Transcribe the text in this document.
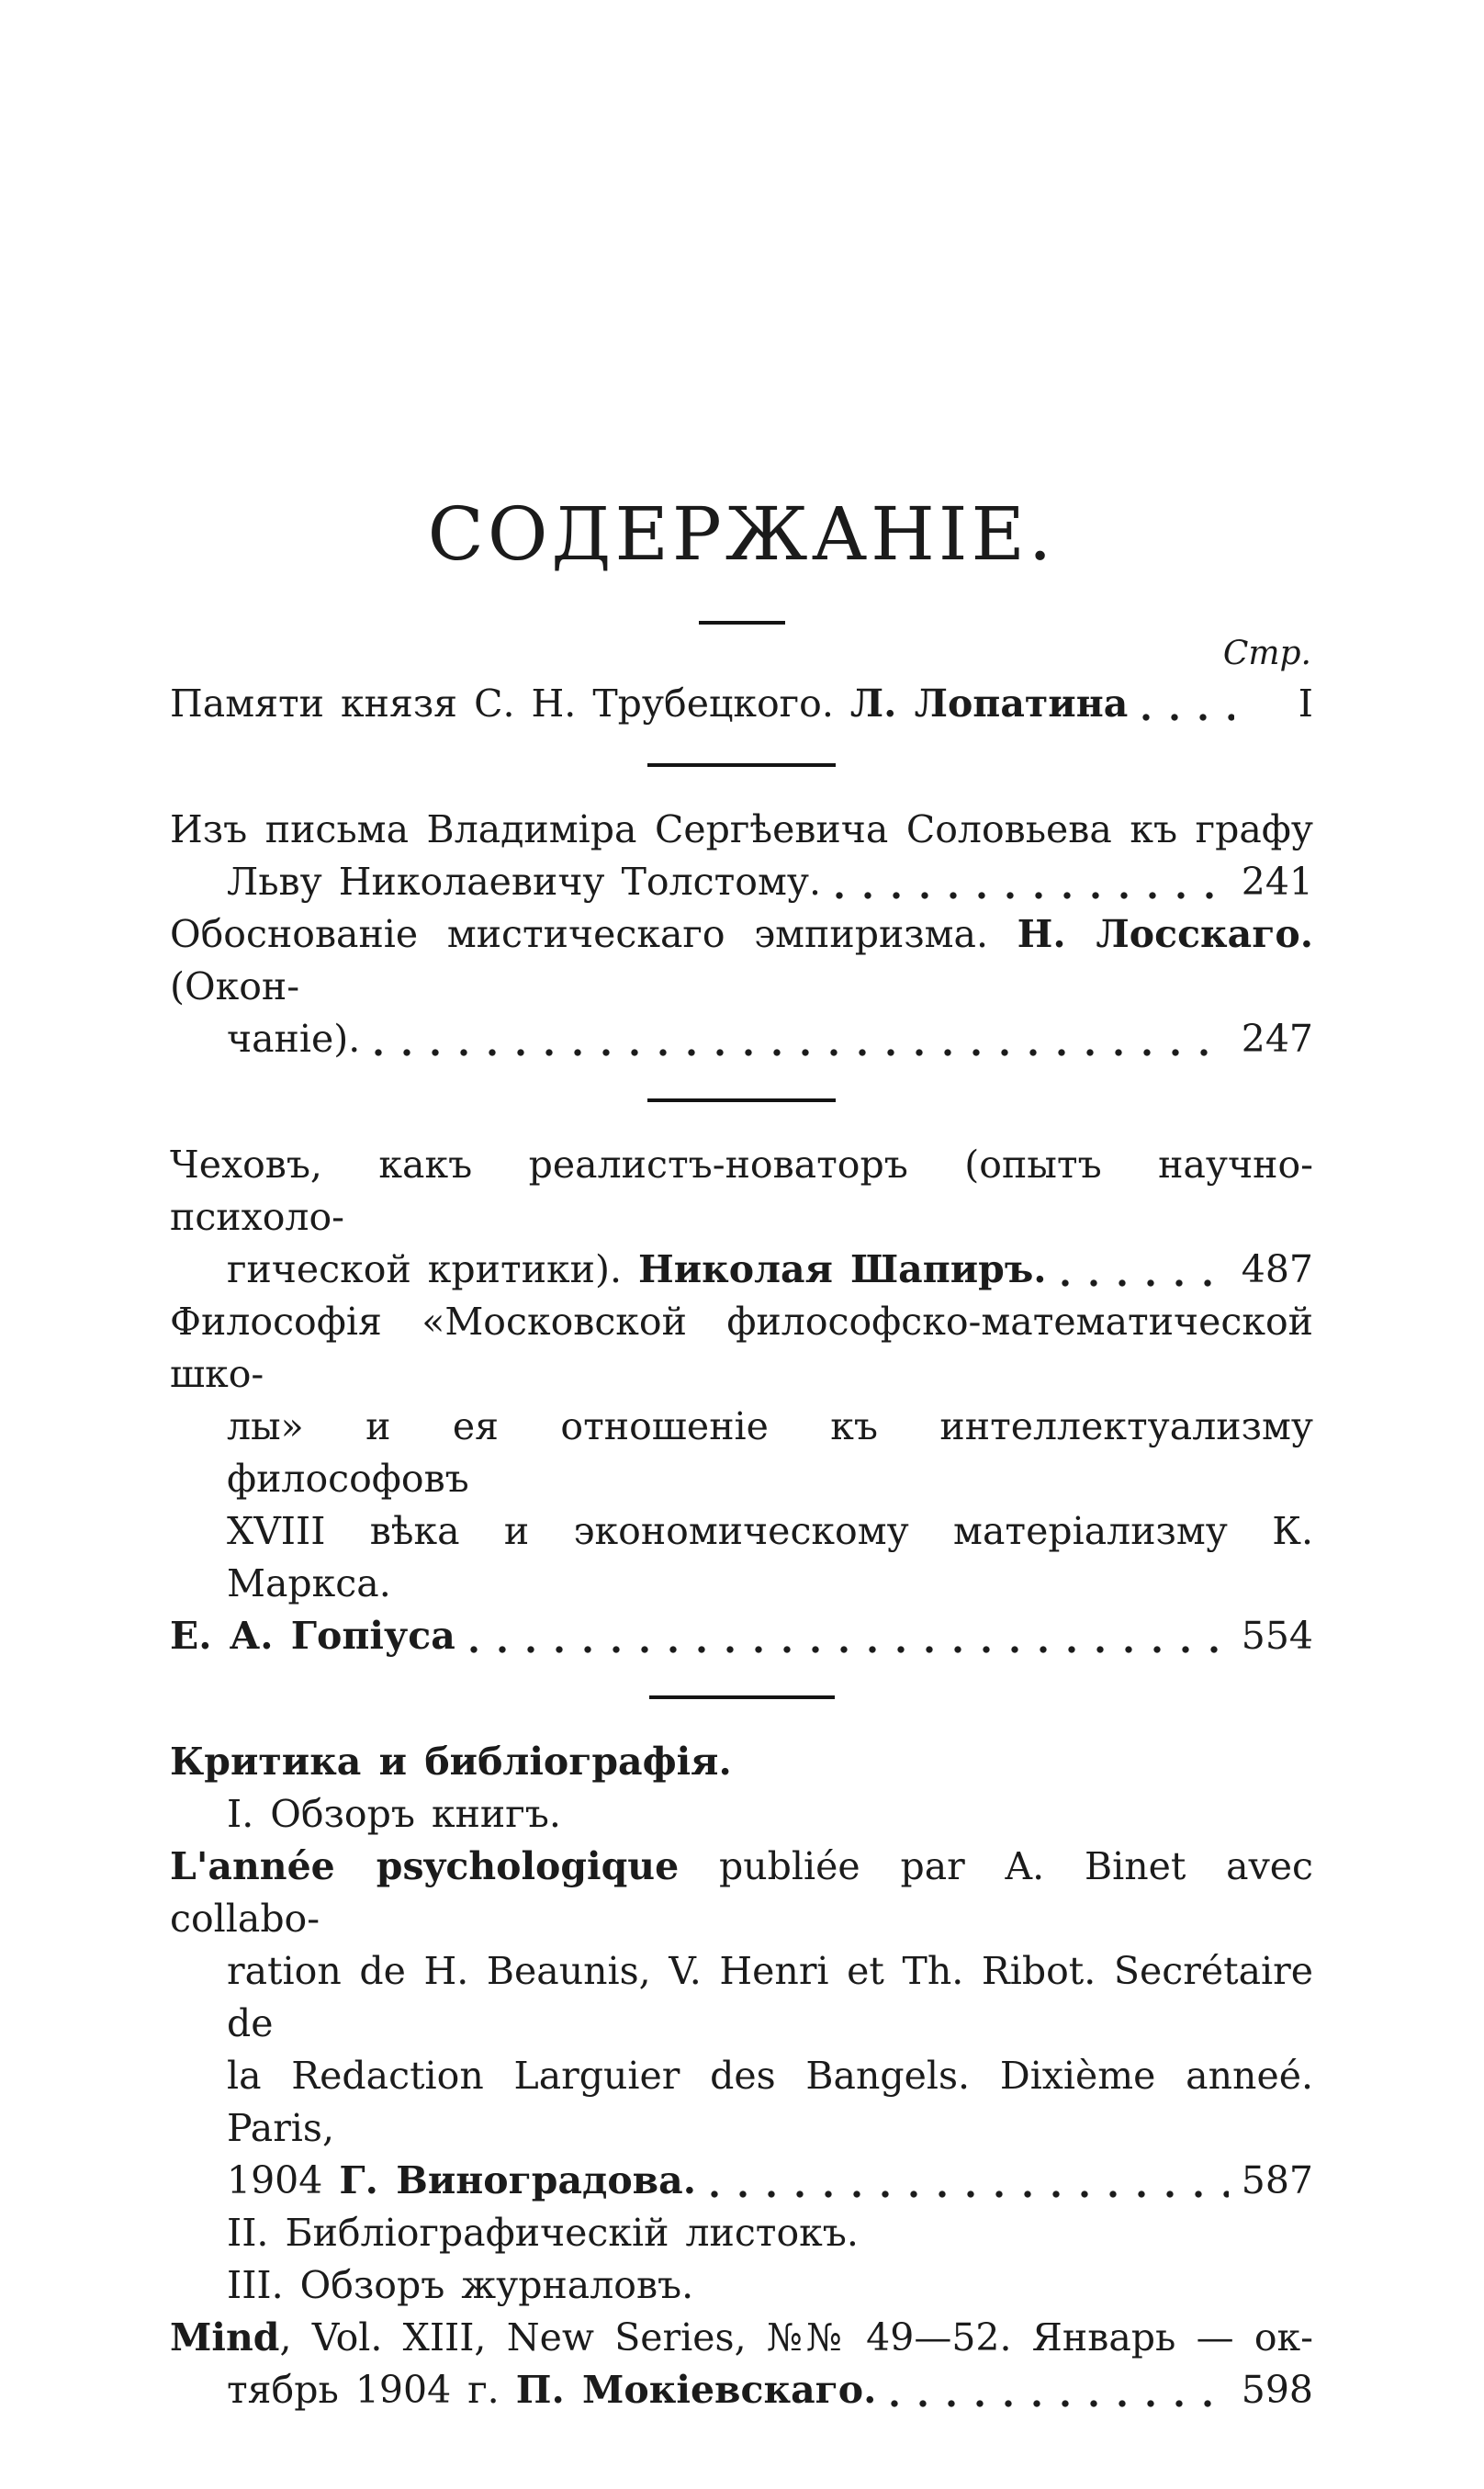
СОДЕРЖАНІЕ.
Стр.
Памяти князя С. Н. Трубецкого. Л. Лопатина	I
Изъ письма Владиміра Сергѣевича Соловьева къ графу
Льву Николаевичу Толстому.	241
Обоснованіе мистическаго эмпиризма. Н. Лосскаго. (Окон-
чаніе).	247
Чеховъ, какъ реалистъ-новаторъ (опытъ научно-психоло-
гической критики). Николая Шапиръ.	487
Философія «Московской философско-математической шко-
лы» и ея отношеніе къ интеллектуализму философовъ
XVIII вѣка и экономическому матеріализму К. Маркса.
Е. А. Гопіуса	554
Критика и библіографія.
I. Обзоръ книгъ.
L'année psychologique publiée par A. Binet avec collabo-
ration de H. Beaunis, V. Henri et Th. Ribot. Secrétaire de
la Redaction Larguier des Bangels. Dixième anneé. Paris,
1904 Г. Виноградова.	587
II. Библіографическій листокъ.
III. Обзоръ журналовъ.
Mind, Vol. XIII, New Series, №№ 49—52. Январь — ок-
тябрь 1904 г. П. Мокіевскаго.	598
